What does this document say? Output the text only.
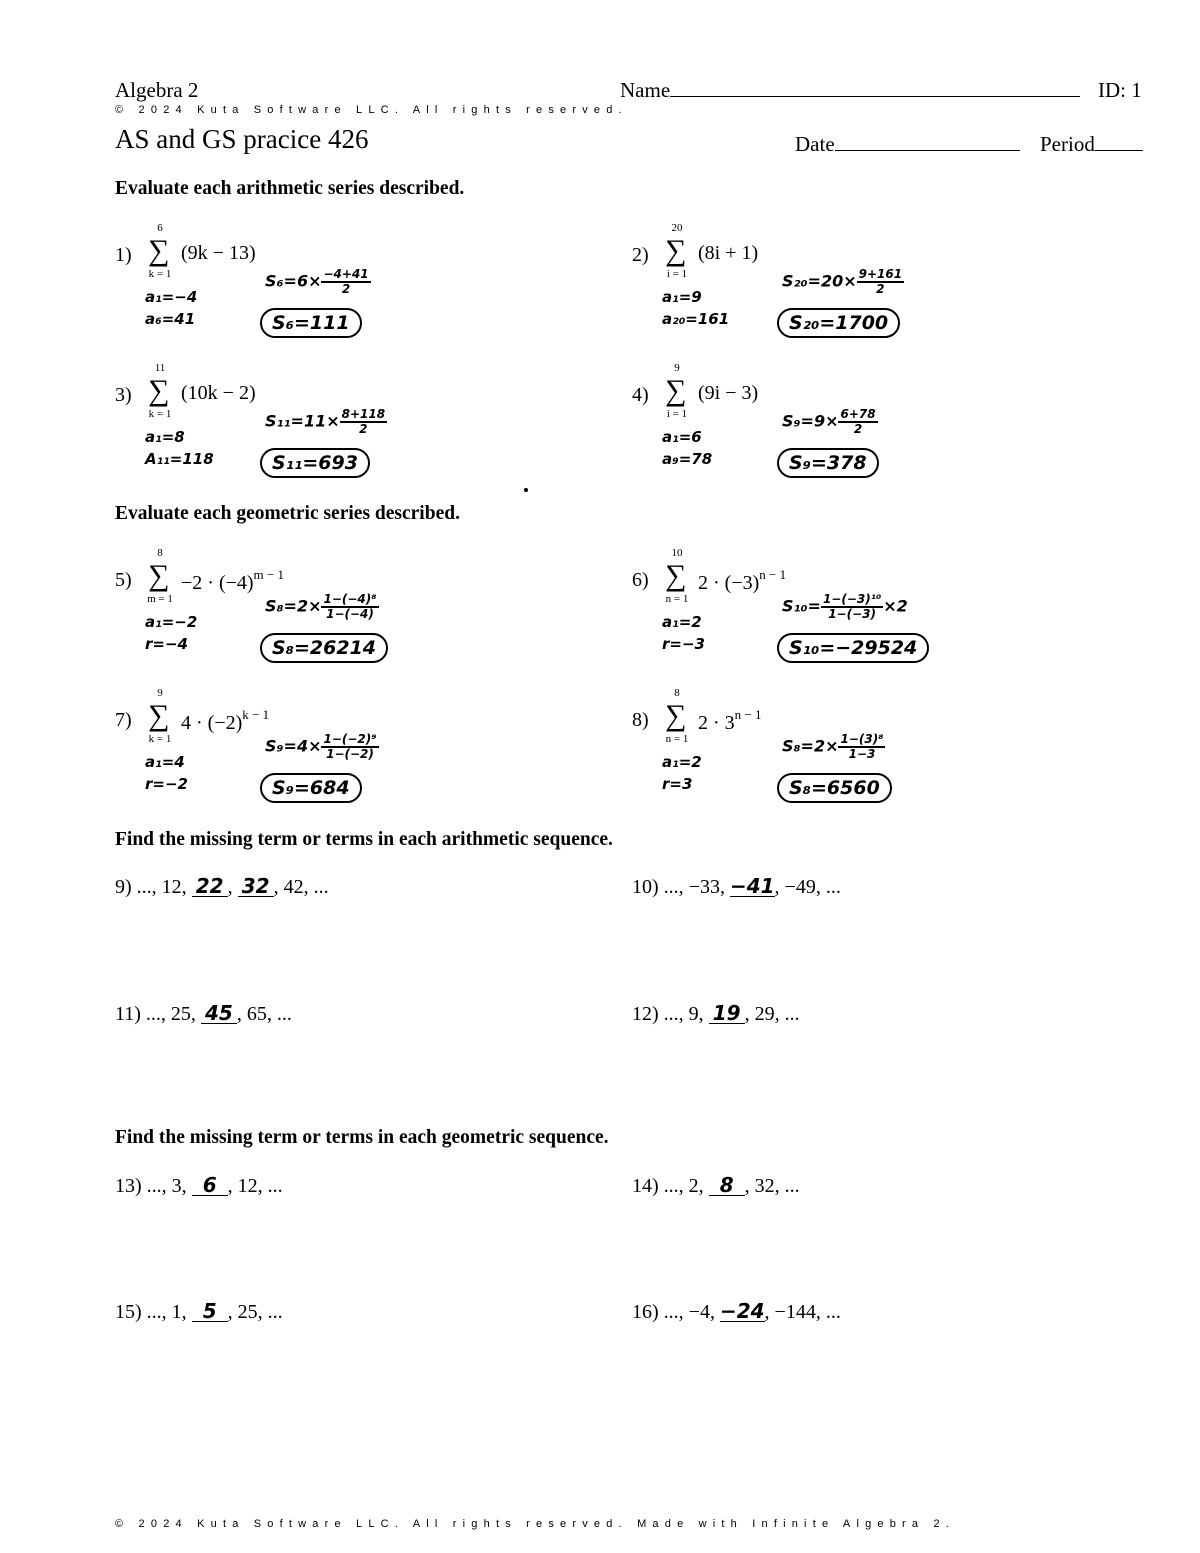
Algebra 2	Name	ID: 1
© 2024 Kuta Software LLC. All rights reserved.
AS and GS pracice 426	Date	Period
Evaluate each arithmetic series described.
Evaluate each geometric series described.
Find the missing term or terms in each arithmetic sequence.
Find the missing term or terms in each geometric sequence.
1)
6
∑
k = 1
(9k − 13)
a₁=−4
a₆=41
$S_6=6\times \frac{-4+41}{2}$
S₆=111
2)
20
∑
i = 1
(8i + 1)
a₁=9
a₂₀=161
$S_{20}=20\times \frac{9+161}{2}$
S₂₀=1700
3)
11
∑
k = 1
(10k − 2)
a₁=8
A₁₁=118
$S_{11}=11\times \frac{8+118}{2}$
S₁₁=693
4)
9
∑
i = 1
(9i − 3)
a₁=6
a₉=78
$S_9=9\times \frac{6+78}{2}$
S₉=378
5)
8
∑
m = 1
$-2 \cdot (-4)^{m - 1}$
a₁=−2
r=−4
$S_8=2\times \frac{\text{1−(−4)⁸}}{1-(-4)}$
S₈=26214
6)
10
∑
n = 1
$2 \cdot (-3)^{n - 1}$
a₁=2
r=−3
$S_{10}= \frac{\text{1−(−3)¹⁰}}{1-(-3)} \times 2$
S₁₀=−29524
7)
9
∑
k = 1
$4 \cdot (-2)^{k - 1}$
a₁=4
r=−2
$S_9=4\times \frac{\text{1−(−2)⁹}}{1-(-2)}$
S₉=684
8)
8
∑
n = 1
$2 \cdot 3^{n - 1}$
a₁=2
r=3
$S_8=2\times \frac{\text{1−(3)⁸}}{1-3}$
S₈=6560
9) ..., 12, 22 , 32 , 42, ...	10) ..., −33, −41, −49, ...
11) ..., 25, 45 , 65, ...	12) ..., 9, 19 , 29, ...
13) ..., 3, 6 , 12, ...	14) ..., 2, 8 , 32, ...
15) ..., 1, 5 , 25, ...	16) ..., −4, −24, −144, ...
© 2024 Kuta Software LLC. All rights reserved. Made with Infinite Algebra 2.
